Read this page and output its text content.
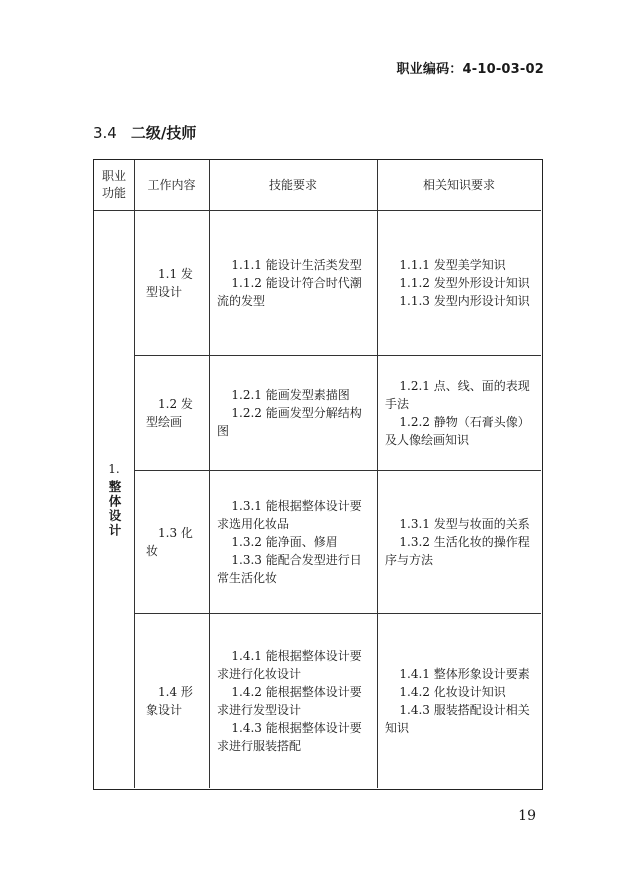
职业编码：4-10-03-02
3.4 二级/技师
职业功能
工作内容	技能要求	相关知识要求
1.
整体设计
1.1 发型设计
1.1.1 能设计生活类发型
1.1.2 能设计符合时代潮流的发型
1.1.1 发型美学知识
1.1.2 发型外形设计知识
1.1.3 发型内形设计知识
1.2 发型绘画
1.2.1 能画发型素描图
1.2.2 能画发型分解结构图
1.2.1 点、线、面的表现手法
1.2.2 静物（石膏头像）及人像绘画知识
1.3 化妆
1.3.1 能根据整体设计要求选用化妆品
1.3.2 能净面、修眉
1.3.3 能配合发型进行日常生活化妆
1.3.1 发型与妆面的关系
1.3.2 生活化妆的操作程序与方法
1.4 形象设计
1.4.1 能根据整体设计要求进行化妆设计
1.4.2 能根据整体设计要求进行发型设计
1.4.3 能根据整体设计要求进行服装搭配
1.4.1 整体形象设计要素
1.4.2 化妆设计知识
1.4.3 服装搭配设计相关知识
19
